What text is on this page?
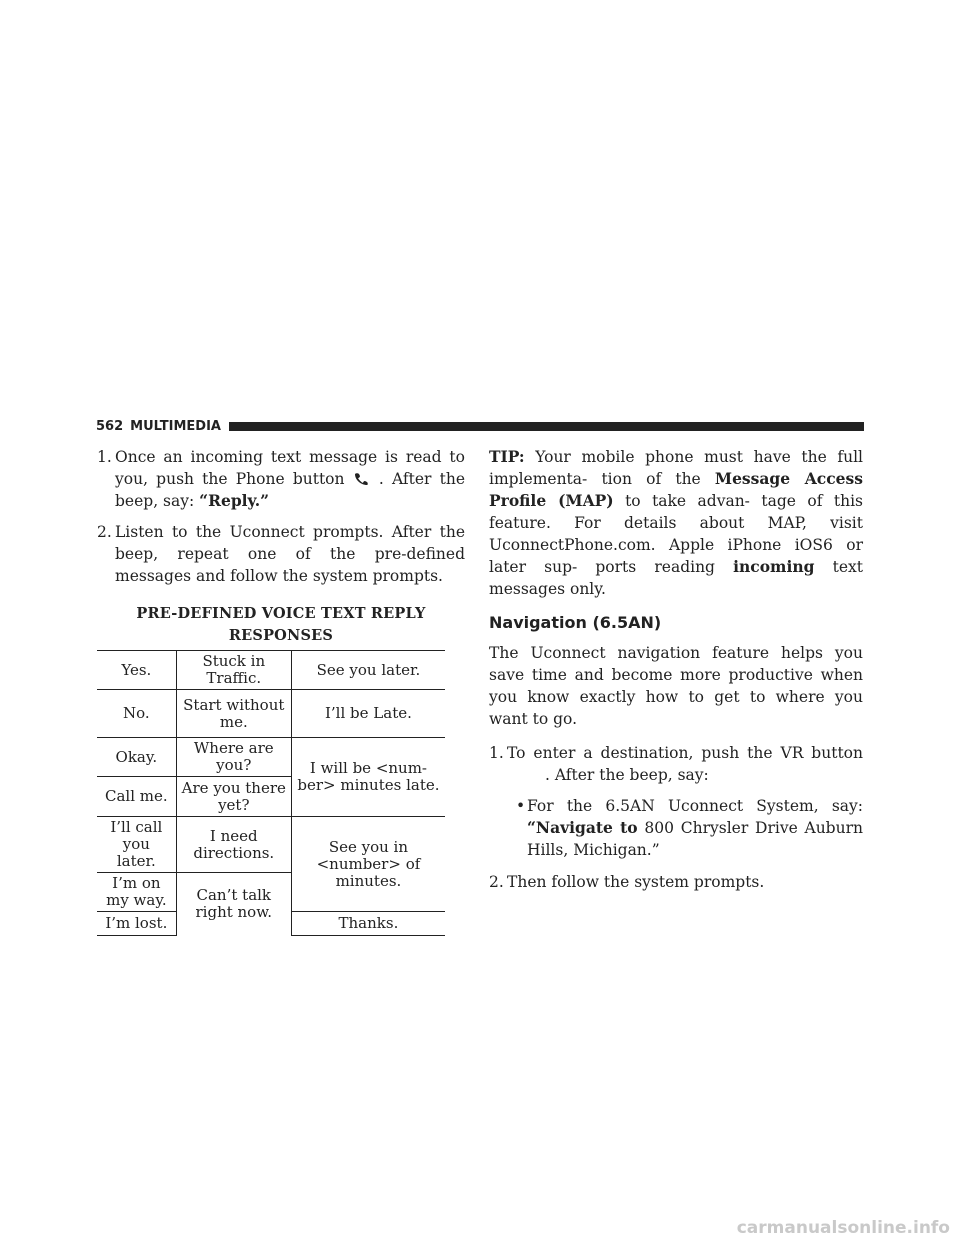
562 MULTIMEDIA

1. Once an incoming text message is read to you, push the Phone button . After the beep, say: “Reply.”

2. Listen to the Uconnect prompts. After the beep, repeat one of the pre-defined messages and follow the system prompts.

PRE-DEFINED VOICE TEXT REPLY RESPONSES

Yes.	Stuck in Traffic.	See you later.
No.	Start without me.	I’ll be Late.
Okay.	Where are you?	I will be <num- ber> minutes late.
Call me.	Are you there yet?	
I’ll call you later.	I need directions.	See you in <number> of minutes.
I’m on my way.	Can’t talk right now.	
I’m lost.		Thanks.

TIP: Your mobile phone must have the full implementa- tion of the Message Access Profile (MAP) to take advan- tage of this feature. For details about MAP, visit UconnectPhone.com. Apple iPhone iOS6 or later sup- ports reading incoming text messages only.

Navigation (6.5AN)

The Uconnect navigation feature helps you save time and become more productive when you know exactly how to get to where you want to go.

1. To enter a destination, push the VR button . After the beep, say:

• For the 6.5AN Uconnect System, say: “Navigate to 800 Chrysler Drive Auburn Hills, Michigan.”

2. Then follow the system prompts.

carmanualsonline.info
